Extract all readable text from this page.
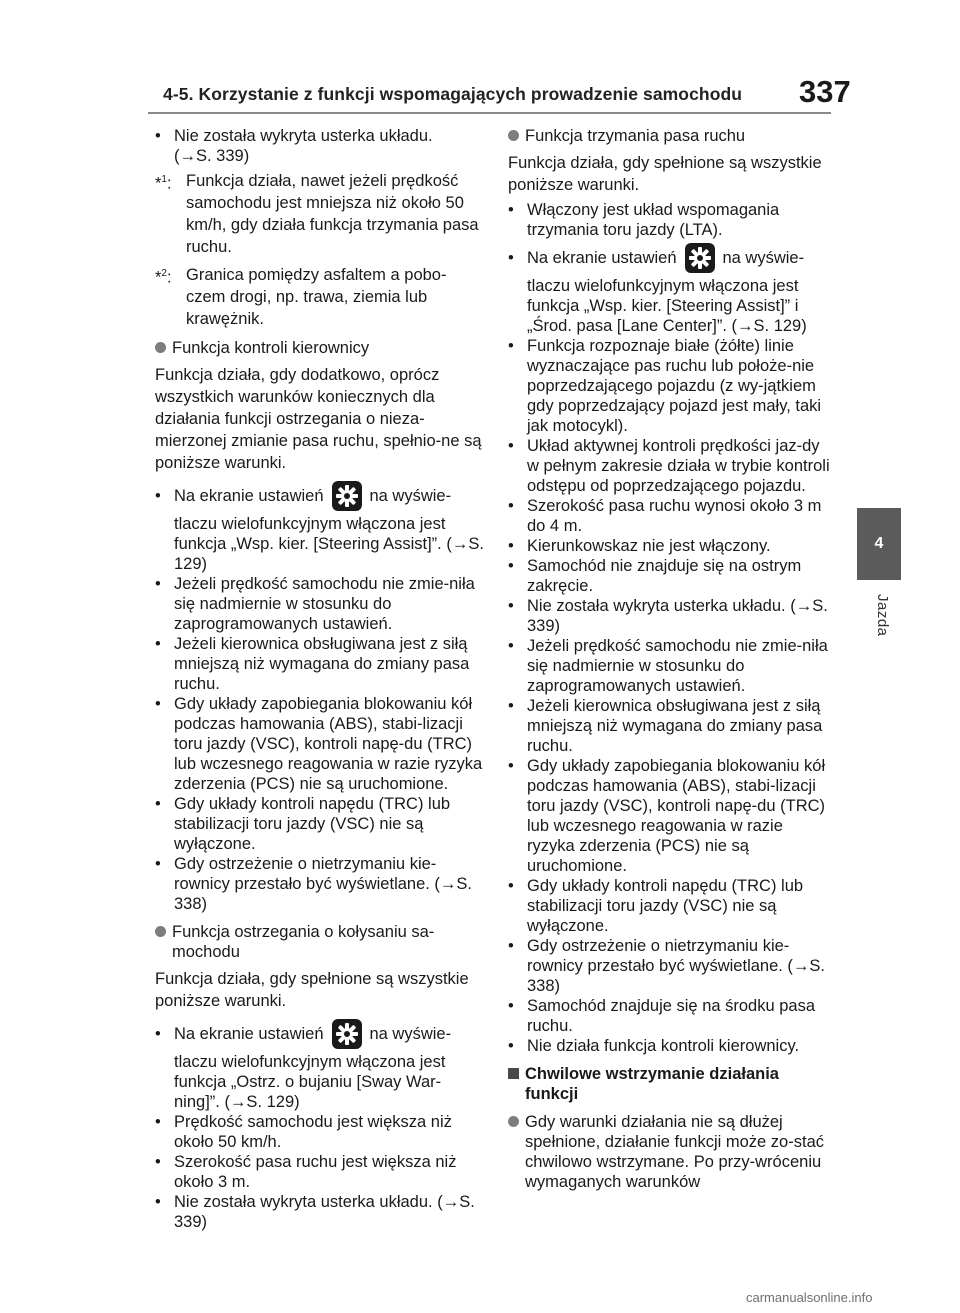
4-5. Korzystanie z funkcji wspomagających prowadzenie samochodu 337
4
Jazda
• Nie została wykryta usterka układu.
(→S. 339)
*$^1$: Funkcja działa, nawet jeżeli prędkość samochodu jest mniejsza niż około 50 km/h, gdy działa funkcja trzymania pasa ruchu.
*$^2$: Granica pomiędzy asfaltem a pobo-czem drogi, np. trawa, ziemia lub krawężnik.
Funkcja kontroli kierownicy
Funkcja działa, gdy dodatkowo, oprócz wszystkich warunków koniecznych dla działania funkcji ostrzegania o nieza-mierzonej zmianie pasa ruchu, spełnio-ne są poniższe warunki.
• Na ekranie ustawień	na wyświe-
tlaczu wielofunkcyjnym włączona jest funkcja „Wsp. kier. [Steering Assist]”. (→S. 129)
• Jeżeli prędkość samochodu nie zmie-niła się nadmiernie w stosunku do zaprogramowanych ustawień.
• Jeżeli kierownica obsługiwana jest z siłą mniejszą niż wymagana do zmiany pasa ruchu.
• Gdy układy zapobiegania blokowaniu kół podczas hamowania (ABS), stabi-lizacji toru jazdy (VSC), kontroli napę-du (TRC) lub wczesnego reagowania w razie ryzyka zderzenia (PCS) nie są uruchomione.
• Gdy układy kontroli napędu (TRC) lub stabilizacji toru jazdy (VSC) nie są wyłączone.
• Gdy ostrzeżenie o nietrzymaniu kie-rownicy przestało być wyświetlane. (→S. 338)
Funkcja ostrzegania o kołysaniu sa-mochodu
Funkcja działa, gdy spełnione są wszystkie poniższe warunki.
• Na ekranie ustawień	na wyświe-
tlaczu wielofunkcyjnym włączona jest funkcja „Ostrz. o bujaniu [Sway War-ning]”. (→S. 129)
• Prędkość samochodu jest większa niż około 50 km/h.
• Szerokość pasa ruchu jest większa niż około 3 m.
• Nie została wykryta usterka układu. (→S. 339)
Funkcja trzymania pasa ruchu
Funkcja działa, gdy spełnione są wszystkie poniższe warunki.
• Włączony jest układ wspomagania trzymania toru jazdy (LTA).
• Na ekranie ustawień	na wyświe-
tlaczu wielofunkcyjnym włączona jest funkcja „Wsp. kier. [Steering Assist]” i „Środ. pasa [Lane Center]”. (→S. 129)
• Funkcja rozpoznaje białe (żółte) linie wyznaczające pas ruchu lub położe-nie poprzedzającego pojazdu (z wy-jątkiem gdy poprzedzający pojazd jest mały, taki jak motocykl).
• Układ aktywnej kontroli prędkości jaz-dy w pełnym zakresie działa w trybie kontroli odstępu od poprzedzającego pojazdu.
• Szerokość pasa ruchu wynosi około 3 m do 4 m.
• Kierunkowskaz nie jest włączony.
• Samochód nie znajduje się na ostrym zakręcie.
• Nie została wykryta usterka układu. (→S. 339)
• Jeżeli prędkość samochodu nie zmie-niła się nadmiernie w stosunku do zaprogramowanych ustawień.
• Jeżeli kierownica obsługiwana jest z siłą mniejszą niż wymagana do zmiany pasa ruchu.
• Gdy układy zapobiegania blokowaniu kół podczas hamowania (ABS), stabi-lizacji toru jazdy (VSC), kontroli napę-du (TRC) lub wczesnego reagowania w razie ryzyka zderzenia (PCS) nie są uruchomione.
• Gdy układy kontroli napędu (TRC) lub stabilizacji toru jazdy (VSC) nie są wyłączone.
• Gdy ostrzeżenie o nietrzymaniu kie-rownicy przestało być wyświetlane. (→S. 338)
• Samochód znajduje się na środku pasa ruchu.
• Nie działa funkcja kontroli kierownicy.
Chwilowe wstrzymanie działania funkcji
Gdy warunki działania nie są dłużej spełnione, działanie funkcji może zo-stać chwilowo wstrzymane. Po przy-wróceniu wymaganych warunków
carmanualsonline.info
